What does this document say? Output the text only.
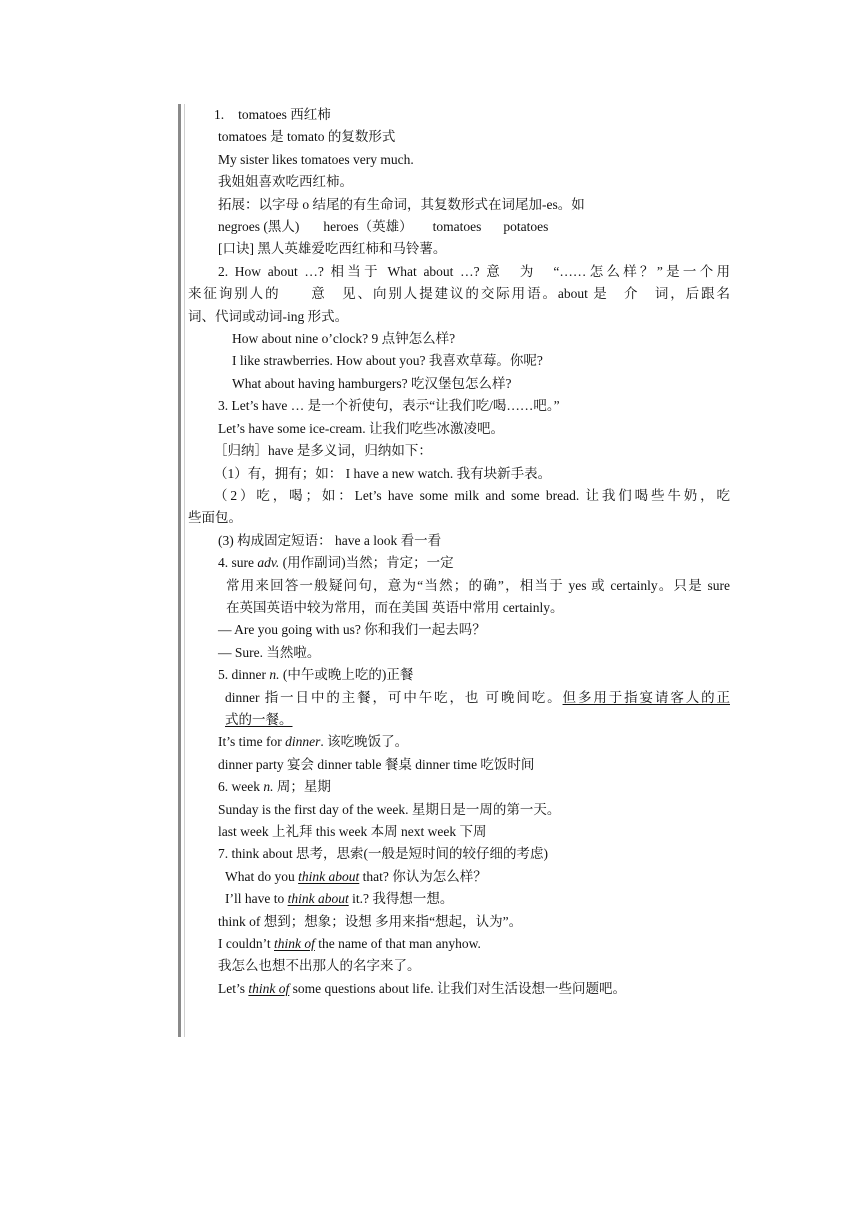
1. tomatoes 西红柿
tomatoes 是 tomato 的复数形式
My sister likes tomatoes very much.
我姐姐喜欢吃西红柿。
拓展：以字母 o 结尾的有生命词，其复数形式在词尾加-es。如
negroes (黑人) heroes（英雄） tomatoes potatoes
[口诀] 黑人英雄爱吃西红柿和马铃薯。
2. How about …? 相当于 What about …? 意　为　“……怎么样？”是一个用
来征询别人的　　意　见、向别人提建议的交际用语。about 是　介　词，后跟名
词、代词或动词-ing 形式。
How about nine o’clock? 9 点钟怎么样?
I like strawberries. How about you? 我喜欢草莓。你呢?
What about having hamburgers? 吃汉堡包怎么样?
3. Let’s have … 是一个祈使句，表示“让我们吃/喝……吧。”
Let’s have some ice-cream. 让我们吃些冰激凌吧。
［归纳］have 是多义词，归纳如下：
（1）有，拥有；如： I have a new watch. 我有块新手表。
（2）吃，喝；如：Let’s have some milk and some bread. 让我们喝些牛奶，吃
些面包。
(3) 构成固定短语： have a look 看一看
4. sure adv. (用作副词)当然；肯定；一定
常用来回答一般疑问句，意为“当然；的确”，相当于 yes 或 certainly。只是 sure
在英国英语中较为常用，而在美国 英语中常用 certainly。
— Are you going with us? 你和我们一起去吗？
— Sure. 当然啦。
5. dinner n. (中午或晚上吃的)正餐
dinner 指一日中的主餐，可中午吃，也 可晚间吃。但多用于指宴请客人的正
式的一餐。
It’s time for dinner. 该吃晚饭了。
dinner party 宴会 dinner table 餐桌 dinner time 吃饭时间
6. week n. 周；星期
Sunday is the first day of the week. 星期日是一周的第一天。
last week 上礼拜 this week 本周 next week 下周
7. think about 思考，思索(一般是短时间的较仔细的考虑)
What do you think about that? 你认为怎么样？
I’ll have to think about it.? 我得想一想。
think of 想到；想象；设想 多用来指“想起，认为”。
I couldn’t think of the name of that man anyhow.
我怎么也想不出那人的名字来了。
Let’s think of some questions about life. 让我们对生活设想一些问题吧。
